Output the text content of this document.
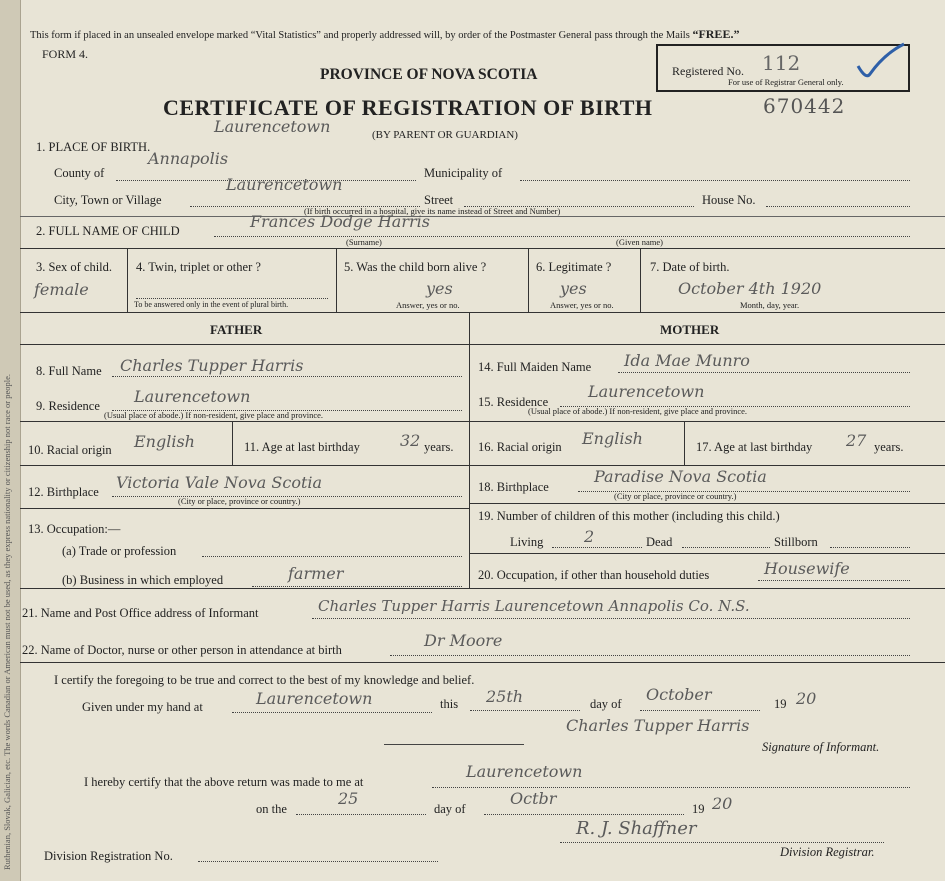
Ruthenian, Slovak, Galician, etc. The words Canadian or American must not be used, as they express nationality or citizenship not race or people.
This form if placed in an unsealed envelope marked “Vital Statistics” and properly addressed will, by order of the Postmaster General pass through the Mails “FREE.”
FORM 4.
PROVINCE OF NOVA SCOTIA
CERTIFICATE OF REGISTRATION OF BIRTH	670442
Registered No. 112
For use of Registrar General only.
1. PLACE OF BIRTH.
Laurencetown	(BY PARENT OR GUARDIAN)
County of
Annapolis
Municipality of
City, Town or Village
Laurencetown
Street	House No.
(If birth occurred in a hospital, give its name instead of Street and Number)
2. FULL NAME OF CHILD	Frances Dodge Harris
(Surname)	(Given name)
3. Sex of child.
female
4. Twin, triplet or other ?
To be answered only in the event of plural birth.
5. Was the child born alive ?
yes
Answer, yes or no.
6. Legitimate ?
yes
Answer, yes or no.
7. Date of birth.
October 4th 1920
Month, day, year.
FATHER	MOTHER
8. Full Name Charles Tupper Harris
9. Residence Laurencetown
(Usual place of abode.) If non-resident, give place and province.
10. Racial origin English	11. Age at last birthday	32 years.
12. Birthplace Victoria Vale Nova Scotia
(City or place, province or country.)
13. Occupation:—
(a) Trade or profession
(b) Business in which employed	farmer
14. Full Maiden Name Ida Mae Munro
15. Residence
Laurencetown
(Usual place of abode.) If non-resident, give place and province.
16. Racial origin English	17. Age at last birthday 27 years.
18. Birthplace
Paradise Nova Scotia
(City or place, province or country.)
19. Number of children of this mother (including this child.)
Living	2	Dead	Stillborn
20. Occupation, if other than household duties	Housewife
21. Name and Post Office address of Informant	Charles Tupper Harris Laurencetown Annapolis Co. N.S.
22. Name of Doctor, nurse or other person in attendance at birth	Dr Moore
I certify the foregoing to be true and correct to the best of my knowledge and belief.
Given under my hand at	Laurencetown	this 25th	day of October	19 20
Charles Tupper Harris
Signature of Informant.
I hereby certify that the above return was made to me at
Laurencetown
on the
25
day of
Octbr
19 20
Division Registration No.
R. J. Shaffner
Division Registrar.
